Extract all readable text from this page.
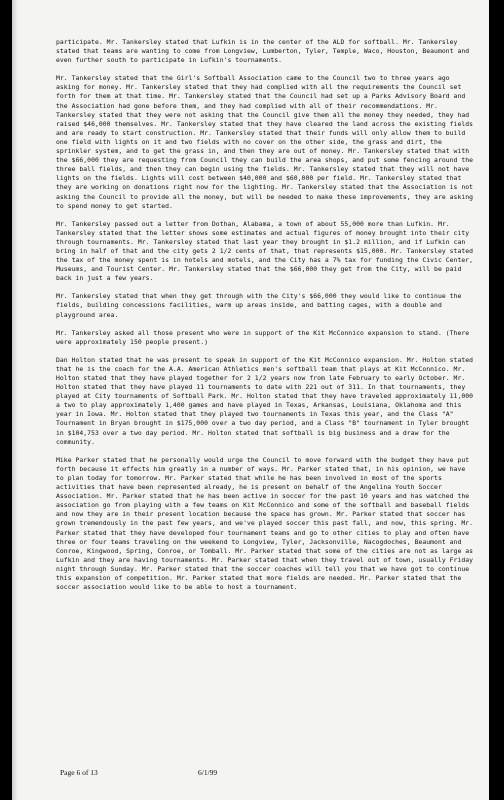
participate. Mr. Tankersley stated that Lufkin is in the center of the ALD for softball. Mr. Tankersley stated that teams are wanting to come from Longview, Lumberton, Tyler, Temple, Waco, Houston, Beaumont and even further south to participate in Lufkin's tournaments.

Mr. Tankersley stated that the Girl's Softball Association came to the Council two to three years ago asking for money. Mr. Tankersley stated that they had complied with all the requirements the Council set forth for them at that time. Mr. Tankersley stated that the Council had set up a Parks Advisory Board and the Association had gone before them, and they had complied with all of their recommendations. Mr. Tankersley stated that they were not asking that the Council give them all the money they needed, they had raised $46,000 themselves. Mr. Tankersley stated that they have cleared the land across the existing fields and are ready to start construction. Mr. Tankersley stated that their funds will only allow them to build one field with lights on it and two fields with no cover on the other side, the grass and dirt, the sprinkler system, and to get the grass in, and then they are out of money. Mr. Tankersley stated that with the $66,000 they are requesting from Council they can build the area shops, and put some fencing around the three ball fields, and then they can begin using the fields. Mr. Tankersley stated that they will not have lights on the fields. Lights will cost between $40,000 and $60,000 per field. Mr. Tankersley stated that they are working on donations right now for the lighting. Mr. Tankersley stated that the Association is not asking the Council to provide all the money, but will be needed to make these improvements, they are asking to spend money to get started.

Mr. Tankersley passed out a letter from Dothan, Alabama, a town of about 55,000 more than Lufkin. Mr. Tankersley stated that the letter shows some estimates and actual figures of money brought into their city through tournaments. Mr. Tankersley stated that last year they brought in $1.2 million, and if Lufkin can bring in half of that and the city gets 2 1/2 cents of that, that represents $15,000. Mr. Tankersley stated the tax of the money spent is in hotels and motels, and the City has a 7% tax for funding the Civic Center, Museums, and Tourist Center. Mr. Tankersley stated that the $66,000 they get from the City, will be paid back in just a few years.

Mr. Tankersley stated that when they get through with the City's $66,000 they would like to continue the fields, building concessions facilities, warm up areas inside, and batting cages, with a double and playground area.

Mr. Tankersley asked all those present who were in support of the Kit McConnico expansion to stand. (There were approximately 150 people present.)

Dan Holton stated that he was present to speak in support of the Kit McConnico expansion. Mr. Holton stated that he is the coach for the A.A. American Athletics men's softball team that plays at Kit McConnico. Mr. Holton stated that they have played together for 2 1/2 years now from late February to early October. Mr. Holton stated that they have played 11 tournaments to date with 221 out of 311. In that tournaments, they played at City tournaments of Softball Park. Mr. Holton stated that they have traveled approximately 11,000 a two to play approximately 1,400 games and have played in Texas, Arkansas, Louisiana, Oklahoma and this year in Iowa. Mr. Holton stated that they played two tournaments in Texas this year, and the Class "A" Tournament in Bryan brought in $175,000 over a two day period, and a Class "B" tournament in Tyler brought in $104,753 over a two day period. Mr. Holton stated that softball is big business and a draw for the community.

Mike Parker stated that he personally would urge the Council to move forward with the budget they have put forth because it effects him greatly in a number of ways. Mr. Parker stated that, in his opinion, we have to plan today for tomorrow. Mr. Parker stated that while he has been involved in most of the sports activities that have been represented already, he is present on behalf of the Angelina Youth Soccer Association. Mr. Parker stated that he has been active in soccer for the past 10 years and has watched the association go from playing with a few teams on Kit McConnico and some of the softball and baseball fields and now they are in their present location because the space has grown. Mr. Parker stated that soccer has grown tremendously in the past few years, and we've played soccer this past fall, and now, this spring. Mr. Parker stated that they have developed four tournament teams and go to other cities to play and often have three or four teams traveling on the weekend to Longview, Tyler, Jacksonville, Nacogdoches, Beaumont and Conroe, Kingwood, Spring, Conroe, or Tomball. Mr. Parker stated that some of the cities are not as large as Lufkin and they are having tournaments. Mr. Parker stated that when they travel out of town, usually Friday night through Sunday. Mr. Parker stated that the soccer coaches will tell you that we have got to continue this expansion of competition. Mr. Parker stated that more fields are needed. Mr. Parker stated that the soccer association would like to be able to host a tournament.

Page 6 of 13	6/1/99
